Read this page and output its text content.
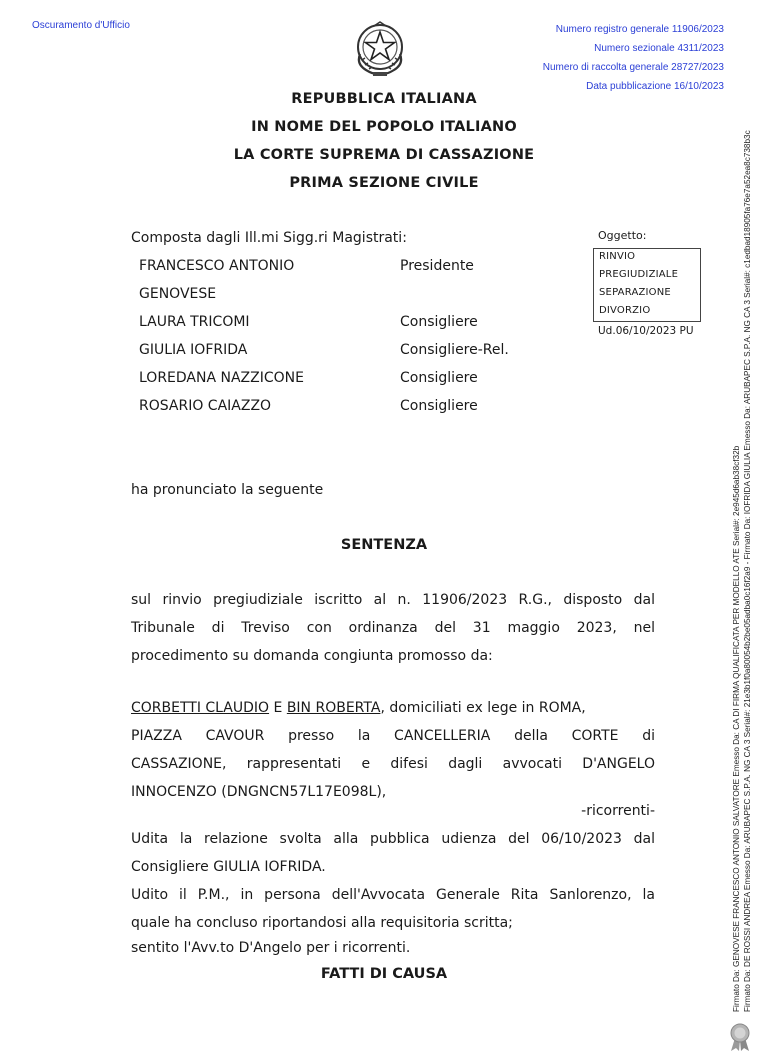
Oscuramento d'Ufficio	Numero registro generale 11906/2023
Numero sezionale 4311/2023
Numero di raccolta generale 28727/2023
Data pubblicazione 16/10/2023
REPUBBLICA ITALIANA
IN NOME DEL POPOLO ITALIANO
LA CORTE SUPREMA DI CASSAZIONE
PRIMA SEZIONE CIVILE
Composta dagli Ill.mi Sigg.ri Magistrati:
FRANCESCO ANTONIO	Presidente
GENOVESE
LAURA TRICOMI	Consigliere
GIULIA IOFRIDA	Consigliere-Rel.
LOREDANA NAZZICONE	Consigliere
ROSARIO CAIAZZO	Consigliere
Oggetto:
RINVIO
PREGIUDIZIALE
SEPARAZIONE
DIVORZIO
Ud.06/10/2023 PU
ha pronunciato la seguente
SENTENZA
sul rinvio pregiudiziale iscritto al n. 11906/2023 R.G., disposto dal
Tribunale di Treviso con ordinanza del 31 maggio 2023, nel
procedimento su domanda congiunta promosso da:
CORBETTI CLAUDIO E BIN ROBERTA, domiciliati ex lege in ROMA,
PIAZZA CAVOUR presso la CANCELLERIA della CORTE di
CASSAZIONE, rappresentati e difesi dagli avvocati D'ANGELO
INNOCENZO (DNGNCN57L17E098L),
-ricorrenti-
Udita la relazione svolta alla pubblica udienza del 06/10/2023 dal
Consigliere GIULIA IOFRIDA.
Udito il P.M., in persona dell'Avvocata Generale Rita Sanlorenzo, la
quale ha concluso riportandosi alla requisitoria scritta;
sentito l'Avv.to D'Angelo per i ricorrenti.
FATTI DI CAUSA	Firmato Da: GENOVESE FRANCESCO ANTONIO SALVATORE Emesso Da: CA DI FIRMA QUALIFICATA PER MODELLO ATE Serial#: 2e945d6ab38cf32b Firmato Da: DE ROSSI ANDREA Emesso Da: ARUBAPEC S.P.A. NG CA 3 Serial#: 21e3b1f0a80054b2be05adba0c16f2a9 - Firmato Da: IOFRIDA GIULIA Emesso Da: ARUBAPEC S.P.A. NG CA 3 Serial#: c1edbad18905fa76e7a52ea8c738b3c
